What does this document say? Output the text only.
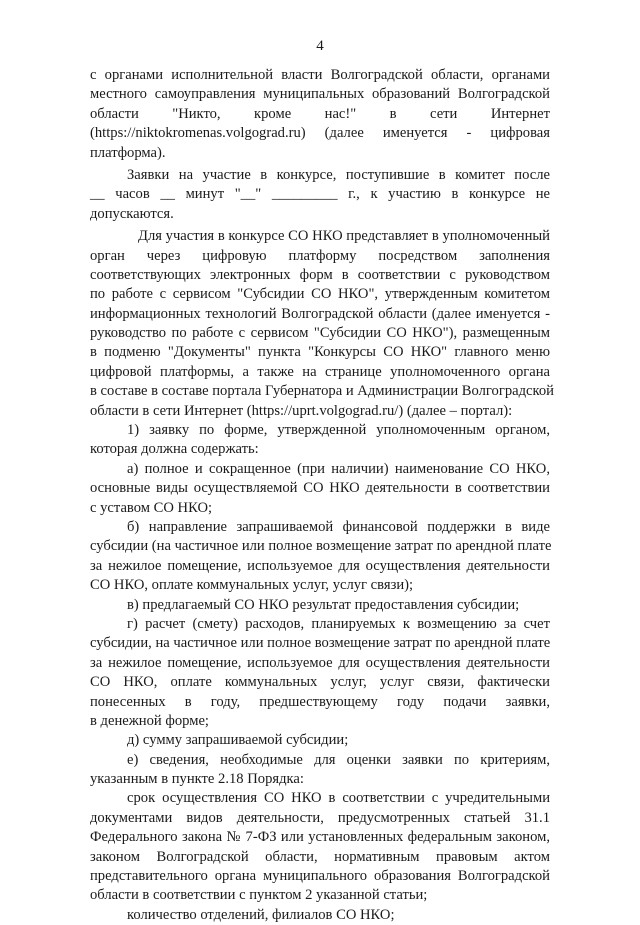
4
с органами исполнительной власти Волгоградской области, органами
местного самоуправления муниципальных образований Волгоградской
области "Никто, кроме нас!" в сети Интернет
(https://niktokromenas.volgograd.ru) (далее именуется - цифровая
платформа).
Заявки на участие в конкурсе, поступившие в комитет после
__ часов __ минут "__" _________ г., к участию в конкурсе не
допускаются.
Для участия в конкурсе СО НКО представляет в уполномоченный
орган через цифровую платформу посредством заполнения
соответствующих электронных форм в соответствии с руководством
по работе с сервисом "Субсидии СО НКО", утвержденным комитетом
информационных технологий Волгоградской области (далее именуется -
руководство по работе с сервисом "Субсидии СО НКО"), размещенным
в подменю "Документы" пункта "Конкурсы СО НКО" главного меню
цифровой платформы, а также на странице уполномоченного органа
в составе в составе портала Губернатора и Администрации Волгоградской
области в сети Интернет (https://uprt.volgograd.ru/) (далее – портал):
1) заявку по форме, утвержденной уполномоченным органом,
которая должна содержать:
а) полное и сокращенное (при наличии) наименование СО НКО,
основные виды осуществляемой СО НКО деятельности в соответствии
с уставом СО НКО;
б) направление запрашиваемой финансовой поддержки в виде
субсидии (на частичное или полное возмещение затрат по арендной плате
за нежилое помещение, используемое для осуществления деятельности
СО НКО, оплате коммунальных услуг, услуг связи);
в) предлагаемый СО НКО результат предоставления субсидии;
г) расчет (смету) расходов, планируемых к возмещению за счет
субсидии, на частичное или полное возмещение затрат по арендной плате
за нежилое помещение, используемое для осуществления деятельности
СО НКО, оплате коммунальных услуг, услуг связи, фактически
понесенных в году, предшествующему году подачи заявки,
в денежной форме;
д) сумму запрашиваемой субсидии;
е) сведения, необходимые для оценки заявки по критериям,
указанным в пункте 2.18 Порядка:
срок осуществления СО НКО в соответствии с учредительными
документами видов деятельности, предусмотренных статьей 31.1
Федерального закона № 7-ФЗ или установленных федеральным законом,
законом Волгоградской области, нормативным правовым актом
представительного органа муниципального образования Волгоградской
области в соответствии с пунктом 2 указанной статьи;
количество отделений, филиалов СО НКО;
